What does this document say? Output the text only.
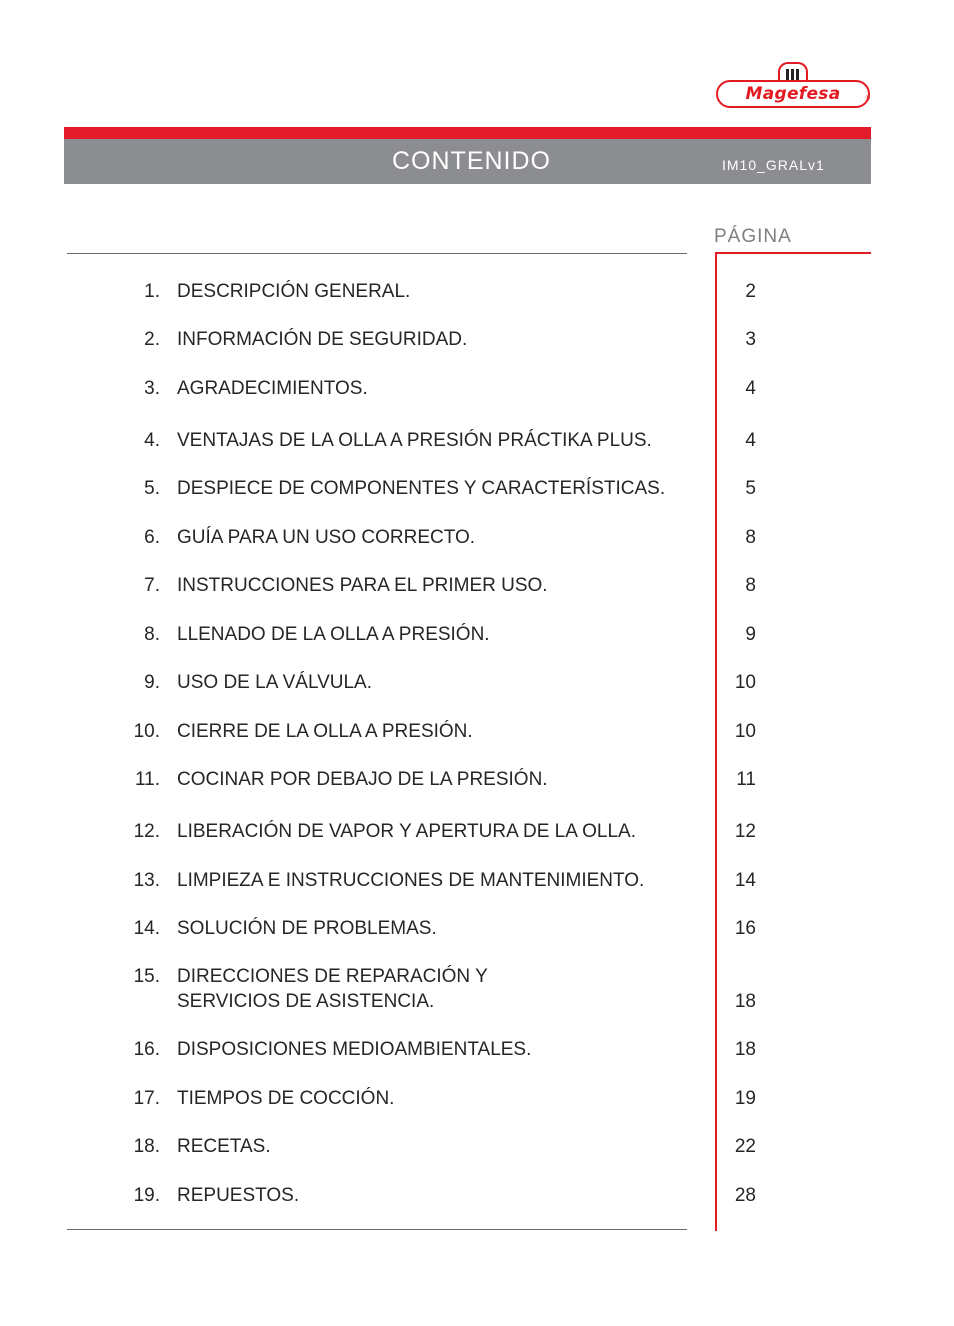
Magefesa	®
CONTENIDO	IM10_GRALv1
PÁGINA
1. DESCRIPCIÓN GENERAL.	2
2. INFORMACIÓN DE SEGURIDAD.	3
3. AGRADECIMIENTOS.	4
4. VENTAJAS DE LA OLLA A PRESIÓN PRÁCTIKA PLUS.	4
5. DESPIECE DE COMPONENTES Y CARACTERÍSTICAS.	5
6. GUÍA PARA UN USO CORRECTO.	8
7. INSTRUCCIONES PARA EL PRIMER USO.	8
8. LLENADO DE LA OLLA A PRESIÓN.	9
9. USO DE LA VÁLVULA.	10
10. CIERRE DE LA OLLA A PRESIÓN.	10
11. COCINAR POR DEBAJO DE LA PRESIÓN.	11
12. LIBERACIÓN DE VAPOR Y APERTURA DE LA OLLA.	12
13. LIMPIEZA E INSTRUCCIONES DE MANTENIMIENTO.	14
14. SOLUCIÓN DE PROBLEMAS.	16
15. DIRECCIONES DE REPARACIÓN Y
SERVICIOS DE ASISTENCIA.	18
16. DISPOSICIONES MEDIOAMBIENTALES.	18
17. TIEMPOS DE COCCIÓN.	19
18. RECETAS.	22
19. REPUESTOS.	28
